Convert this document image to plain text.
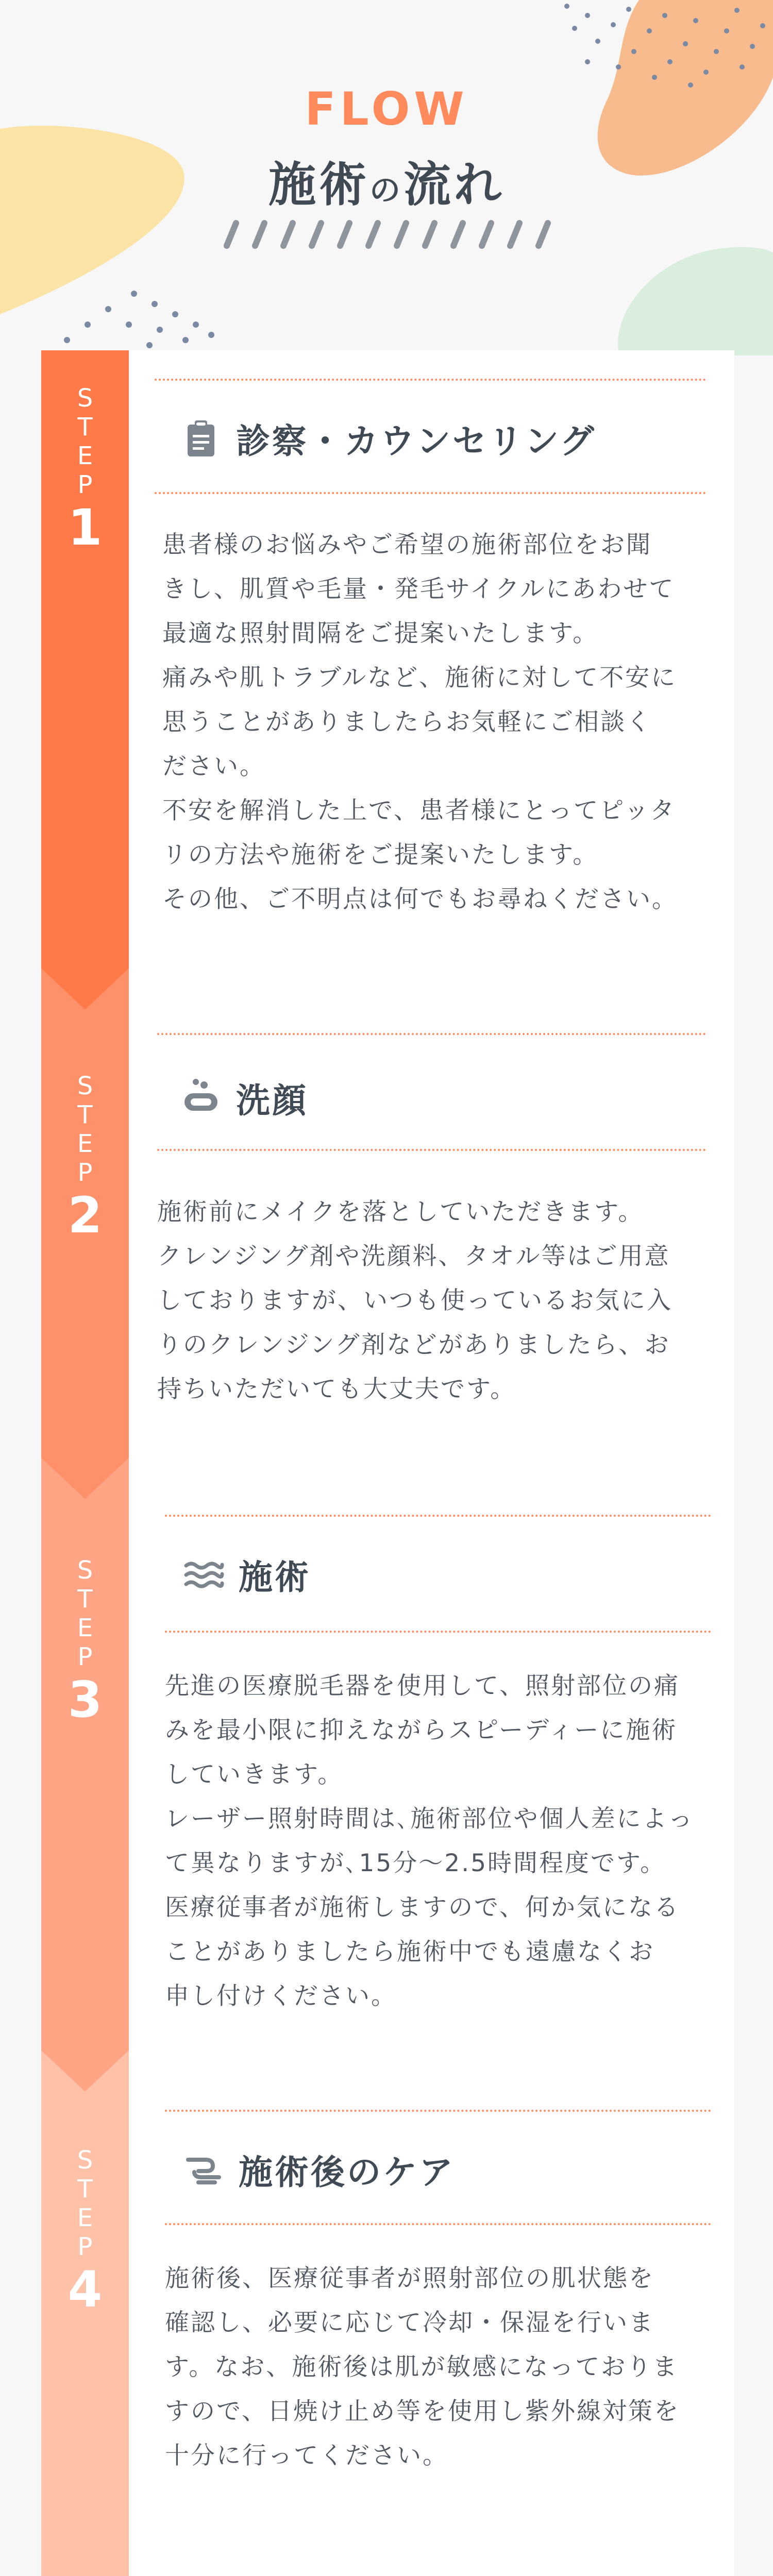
FLOW
施術の流れ
S
T
E
P
1
S
T
E
P
2
S
T
E
P
3
S
T
E
P
4
診察・カウンセリング

患者様のお悩みやご希望の施術部位をお聞

きし、肌質や毛量・発毛サイクルにあわせて

最適な照射間隔をご提案いたします。

痛みや肌トラブルなど、施術に対して不安に

思うことがありましたらお気軽にご相談く

ださい。

不安を解消した上で、患者様にとってピッタ

リの方法や施術をご提案いたします。

その他、ご不明点は何でもお尋ねください。

洗顔

施術前にメイクを落としていただきます。

クレンジング剤や洗顔料、タオル等はご用意

しておりますが、いつも使っているお気に入

りのクレンジング剤などがありましたら、お

持ちいただいても大丈夫です。

施術

先進の医療脱毛器を使用して、照射部位の痛

みを最小限に抑えながらスピーディーに施術

していきます。

レーザー照射時間は､施術部位や個人差によっ

て異なりますが､15分〜2.5時間程度です。

医療従事者が施術しますので、何か気になる

ことがありましたら施術中でも遠慮なくお

申し付けください。

施術後のケア

施術後、医療従事者が照射部位の肌状態を

確認し、必要に応じて冷却・保湿を行いま

す。なお、施術後は肌が敏感になっておりま

すので、日焼け止め等を使用し紫外線対策を

十分に行ってください。
